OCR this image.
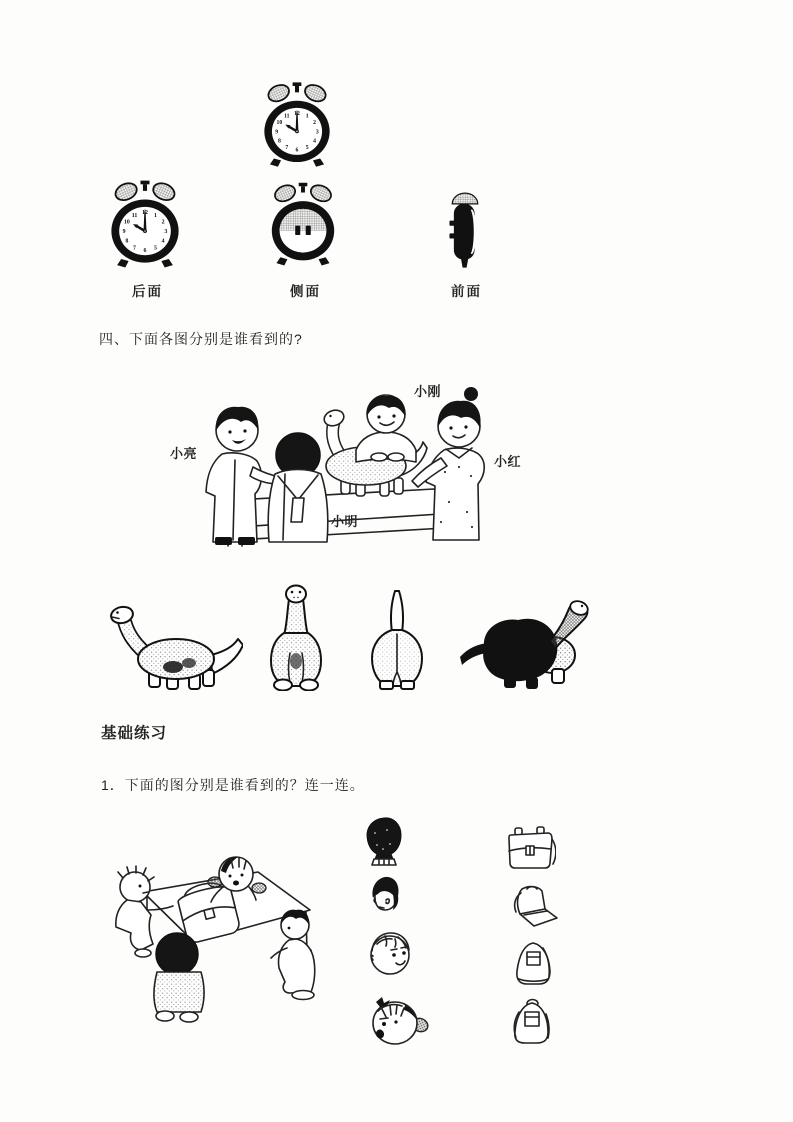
后面	侧面	前面
四、下面各图分别是谁看到的?
小亮
小刚
小红
小明
基础练习
1．下面的图分别是谁看到的？连一连。
